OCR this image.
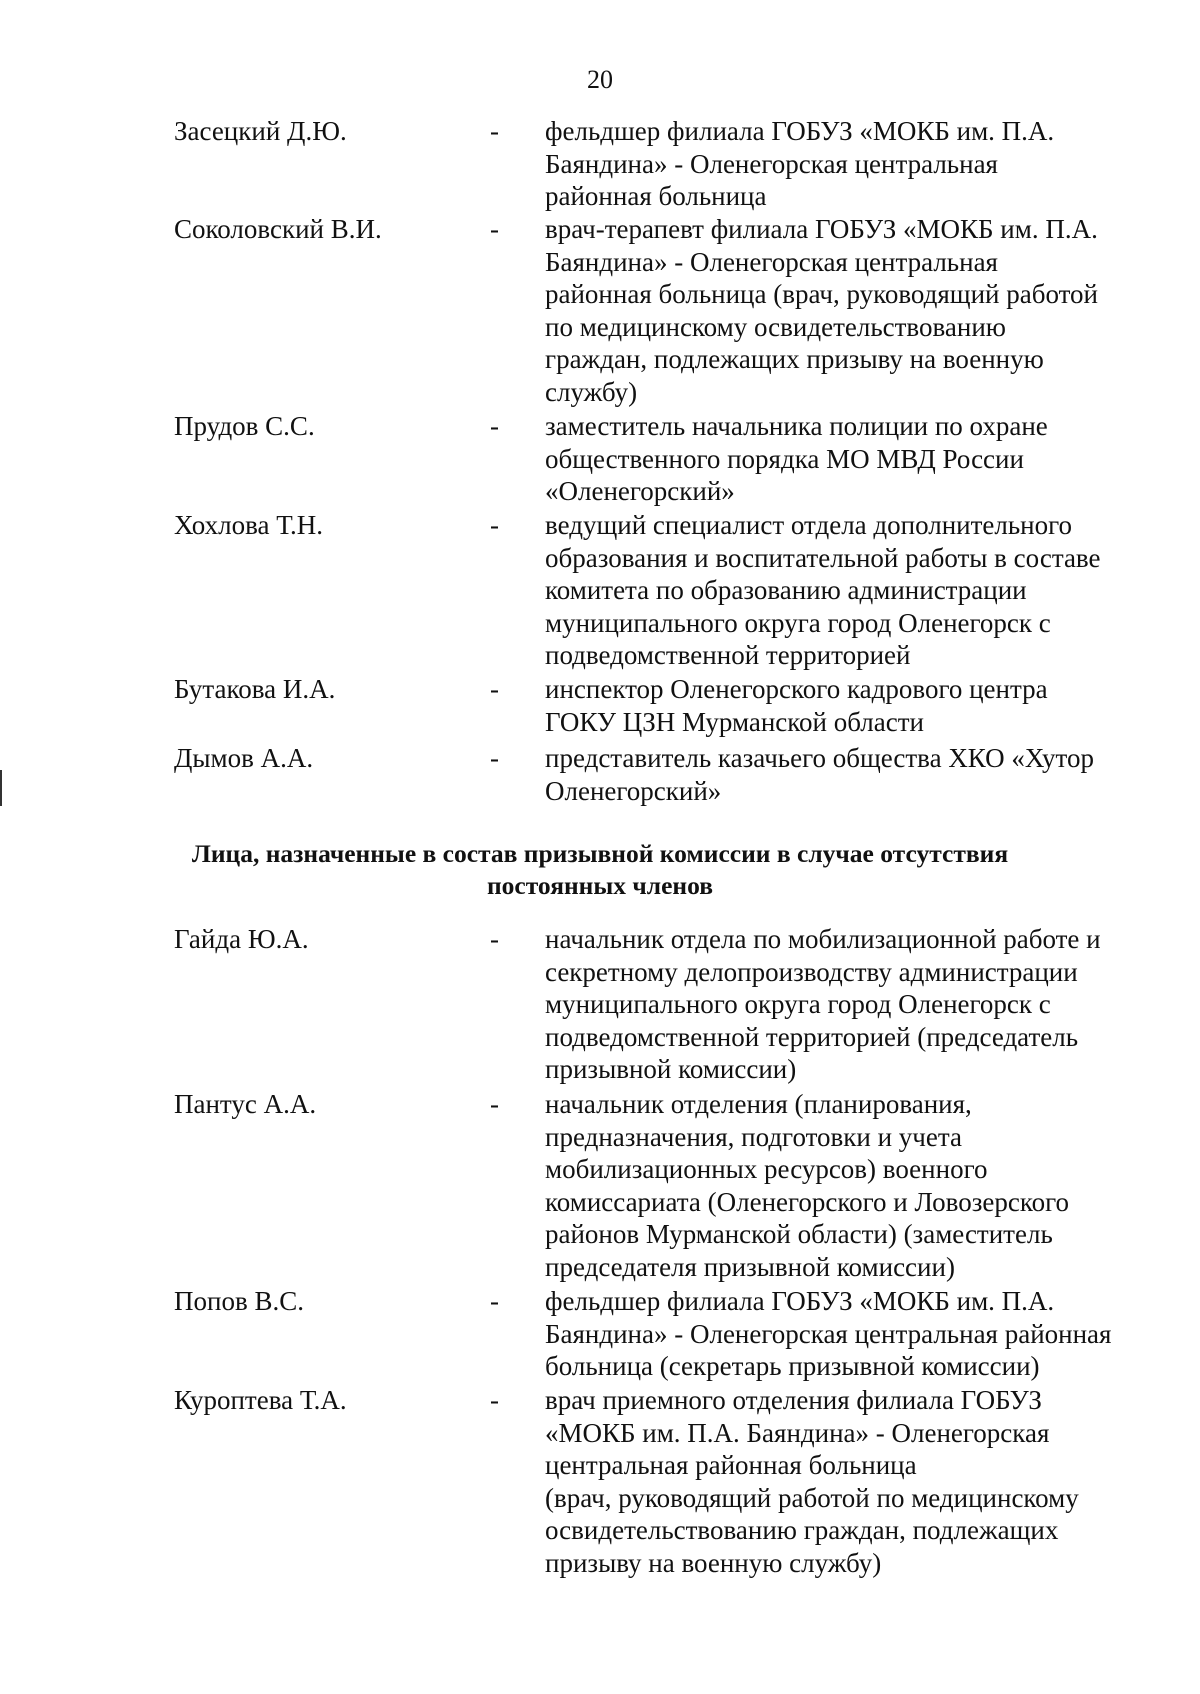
20
Засецкий Д.Ю.	- фельдшер филиала ГОБУЗ «МОКБ им. П.А.
Баяндина» - Оленегорская центральная
районная больница
Соколовский В.И.	- врач-терапевт филиала ГОБУЗ «МОКБ им. П.А.
Баяндина» - Оленегорская центральная
районная больница (врач, руководящий работой
по медицинскому освидетельствованию
граждан, подлежащих призыву на военную
службу)
Прудов С.С.	- заместитель начальника полиции по охране
общественного порядка МО МВД России
«Оленегорский»
Хохлова Т.Н.	- ведущий специалист отдела дополнительного
образования и воспитательной работы в составе
комитета по образованию администрации
муниципального округа город Оленегорск с
подведомственной территорией
Бутакова И.А.	- инспектор Оленегорского кадрового центра
ГОКУ ЦЗН Мурманской области
Дымов А.А.	- представитель казачьего общества ХКО «Хутор
Оленегорский»
Лица, назначенные в состав призывной комиссии в случае отсутствия
постоянных членов
Гайда Ю.А.	- начальник отдела по мобилизационной работе и
секретному делопроизводству администрации
муниципального округа город Оленегорск с
подведомственной территорией (председатель
призывной комиссии)
Пантус А.А.	- начальник отделения (планирования,
предназначения, подготовки и учета
мобилизационных ресурсов) военного
комиссариата (Оленегорского и Ловозерского
районов Мурманской области) (заместитель
председателя призывной комиссии)
Попов В.С.	- фельдшер филиала ГОБУЗ «МОКБ им. П.А.
Баяндина» - Оленегорская центральная районная
больница (секретарь призывной комиссии)
Куроптева Т.А.	- врач приемного отделения филиала ГОБУЗ
«МОКБ им. П.А. Баяндина» - Оленегорская
центральная районная больница
(врач, руководящий работой по медицинскому
освидетельствованию граждан, подлежащих
призыву на военную службу)
